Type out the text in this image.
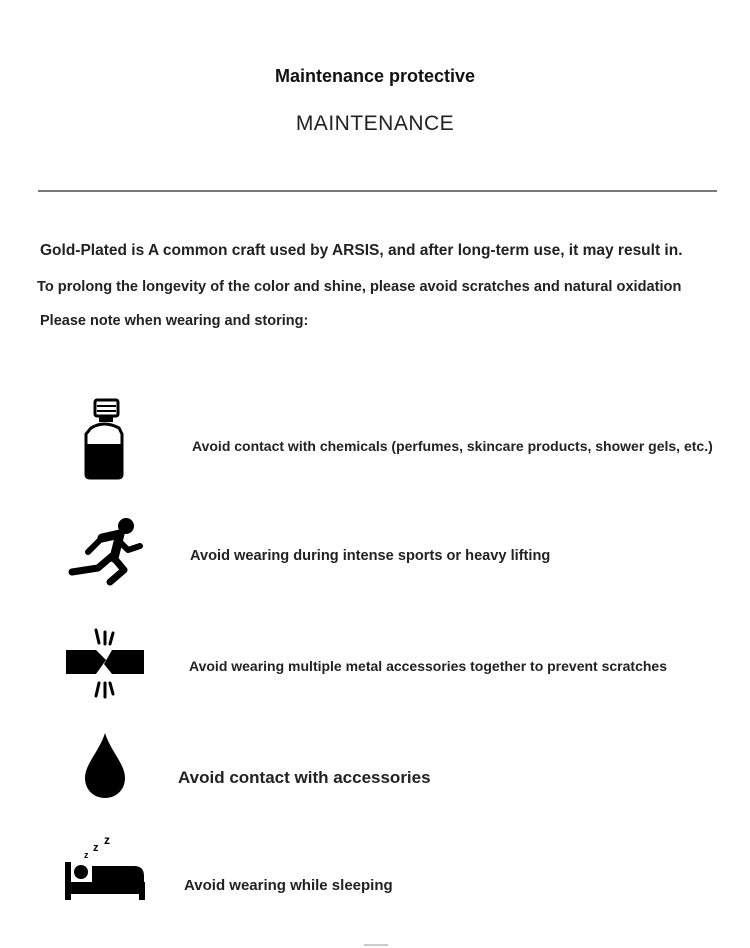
Maintenance protective
MAINTENANCE
Gold-Plated is A common craft used by ARSIS, and after long-term use, it may result in.
To prolong the longevity of the color and shine, please avoid scratches and natural oxidation
Please note when wearing and storing:
Avoid contact with chemicals (perfumes, skincare products, shower gels, etc.)
Avoid wearing during intense sports or heavy lifting
Avoid wearing multiple metal accessories together to prevent scratches
Avoid contact with accessories
z
z
z
Avoid wearing while sleeping
